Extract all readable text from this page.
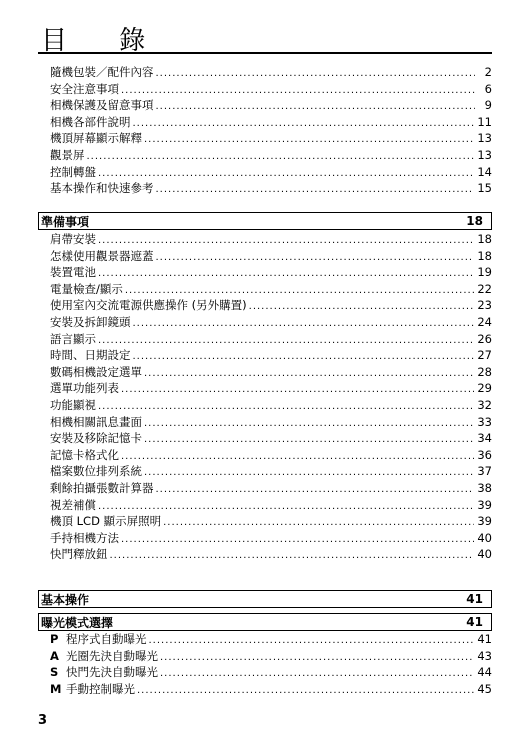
目 錄
隨機包裝／配件內容 .....	2
安全注意事項 .....	6
相機保護及留意事項 .....	9
相機各部件說明 .....	11
機頂屏幕顯示解釋 .....	13
觀景屏 .....	13
控制轉盤 .....	14
基本操作和快速參考 .....	15
準備事項	18
肩帶安裝 .....	18
怎樣使用觀景器遮蓋 .....	18
裝置電池 .....	19
電量檢查/顯示 .....	22
使用室內交流電源供應操作 (另外購置) .....	23
安裝及拆卸鏡頭 .....	24
語言顯示 .....	26
時間、日期設定 .....	27
數碼相機設定選單 .....	28
選單功能列表 .....	29
功能顯視 .....	32
相機相關訊息畫面 .....	33
安裝及移除記憶卡 .....	34
記憶卡格式化 .....	36
檔案數位排列系統 .....	37
剩餘拍攝張數計算器 .....	38
視差補償 .....	39
機頂 LCD 顯示屏照明 .....	39
手持相機方法 .....	40
快門釋放鈕 .....	40
基本操作	41
曝光模式選擇	41
P 程序式自動曝光 .....	41
A 光圈先決自動曝光 .....	43
S 快門先決自動曝光 .....	44
M 手動控制曝光 .....	45
3
